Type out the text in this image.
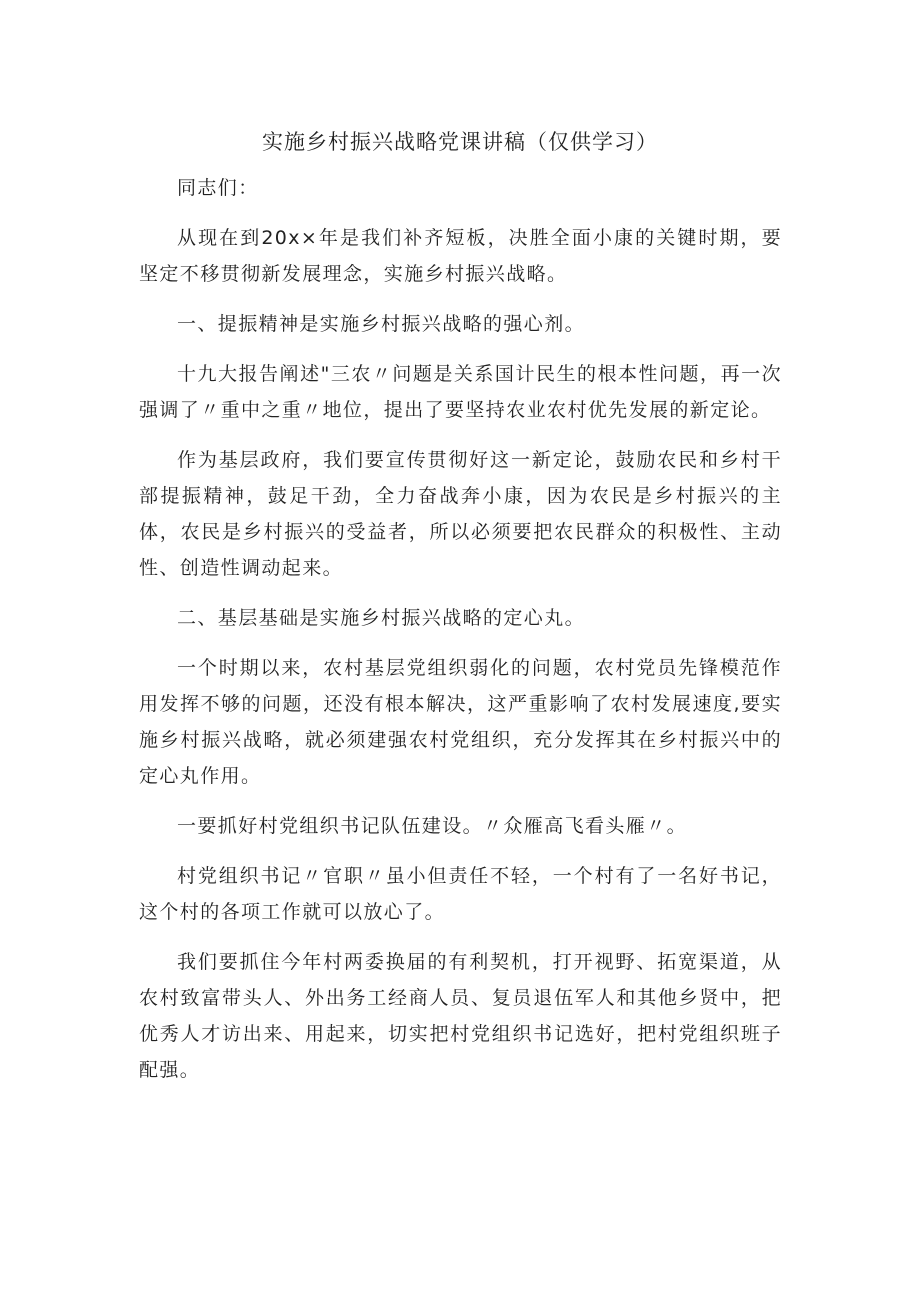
实施乡村振兴战略党课讲稿（仅供学习）

同志们：

从现在到20x×年是我们补齐短板，决胜全面小康的关键时期，要坚定不移贯彻新发展理念，实施乡村振兴战略。

一、提振精神是实施乡村振兴战略的强心剂。

十九大报告阐述"三农〃问题是关系国计民生的根本性问题，再一次强调了〃重中之重〃地位，提出了要坚持农业农村优先发展的新定论。

作为基层政府，我们要宣传贯彻好这一新定论，鼓励农民和乡村干部提振精神，鼓足干劲，全力奋战奔小康，因为农民是乡村振兴的主体，农民是乡村振兴的受益者，所以必须要把农民群众的积极性、主动性、创造性调动起来。

二、基层基础是实施乡村振兴战略的定心丸。

一个时期以来，农村基层党组织弱化的问题，农村党员先锋模范作用发挥不够的问题，还没有根本解决，这严重影响了农村发展速度,要实施乡村振兴战略，就必须建强农村党组织，充分发挥其在乡村振兴中的定心丸作用。

一要抓好村党组织书记队伍建设。〃众雁高飞看头雁〃。

村党组织书记〃官职〃虽小但责任不轻，一个村有了一名好书记，这个村的各项工作就可以放心了。

我们要抓住今年村两委换届的有利契机，打开视野、拓宽渠道，从农村致富带头人、外出务工经商人员、复员退伍军人和其他乡贤中，把优秀人才访出来、用起来，切实把村党组织书记选好，把村党组织班子配强。
